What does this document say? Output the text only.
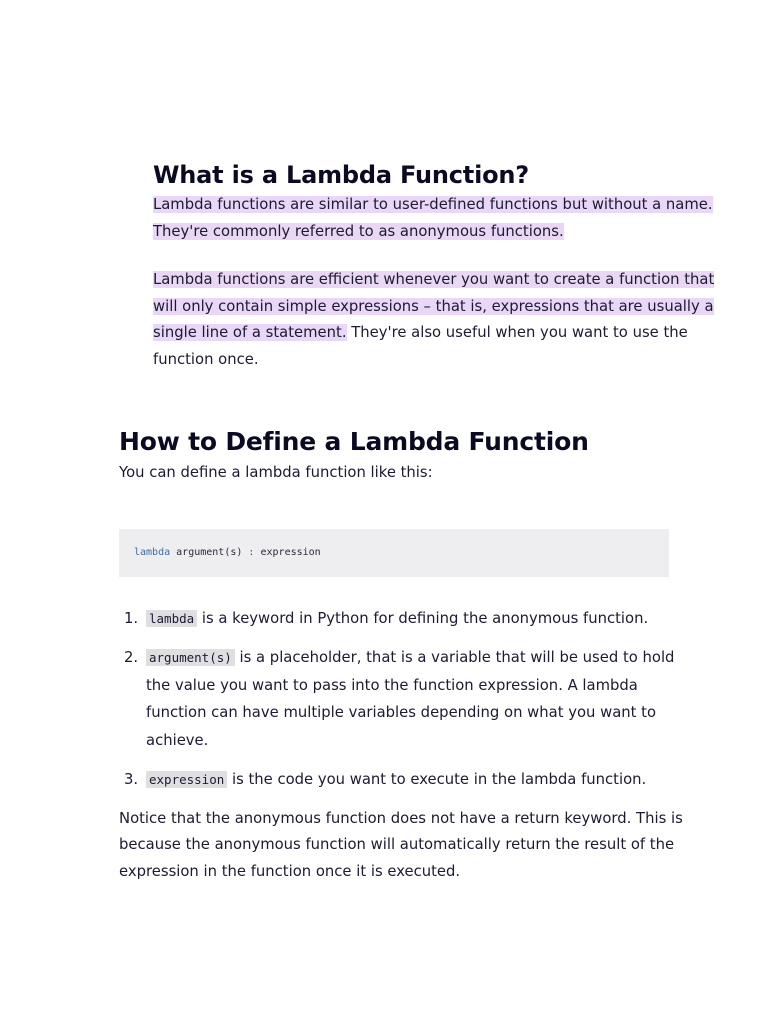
What is a Lambda Function?

Lambda functions are similar to user-defined functions but without a name.
They're commonly referred to as anonymous functions.

Lambda functions are efficient whenever you want to create a function that will only contain simple expressions – that is, expressions that are usually a single line of a statement. They're also useful when you want to use the function once.

How to Define a Lambda Function

You can define a lambda function like this:

lambda argument(s) : expression
1. lambda is a keyword in Python for defining the anonymous function.
2. argument(s) is a placeholder, that is a variable that will be used to hold the value you want to pass into the function expression. A lambda function can have multiple variables depending on what you want to achieve.
3. expression is the code you want to execute in the lambda function.

Notice that the anonymous function does not have a return keyword. This is because the anonymous function will automatically return the result of the expression in the function once it is executed.
